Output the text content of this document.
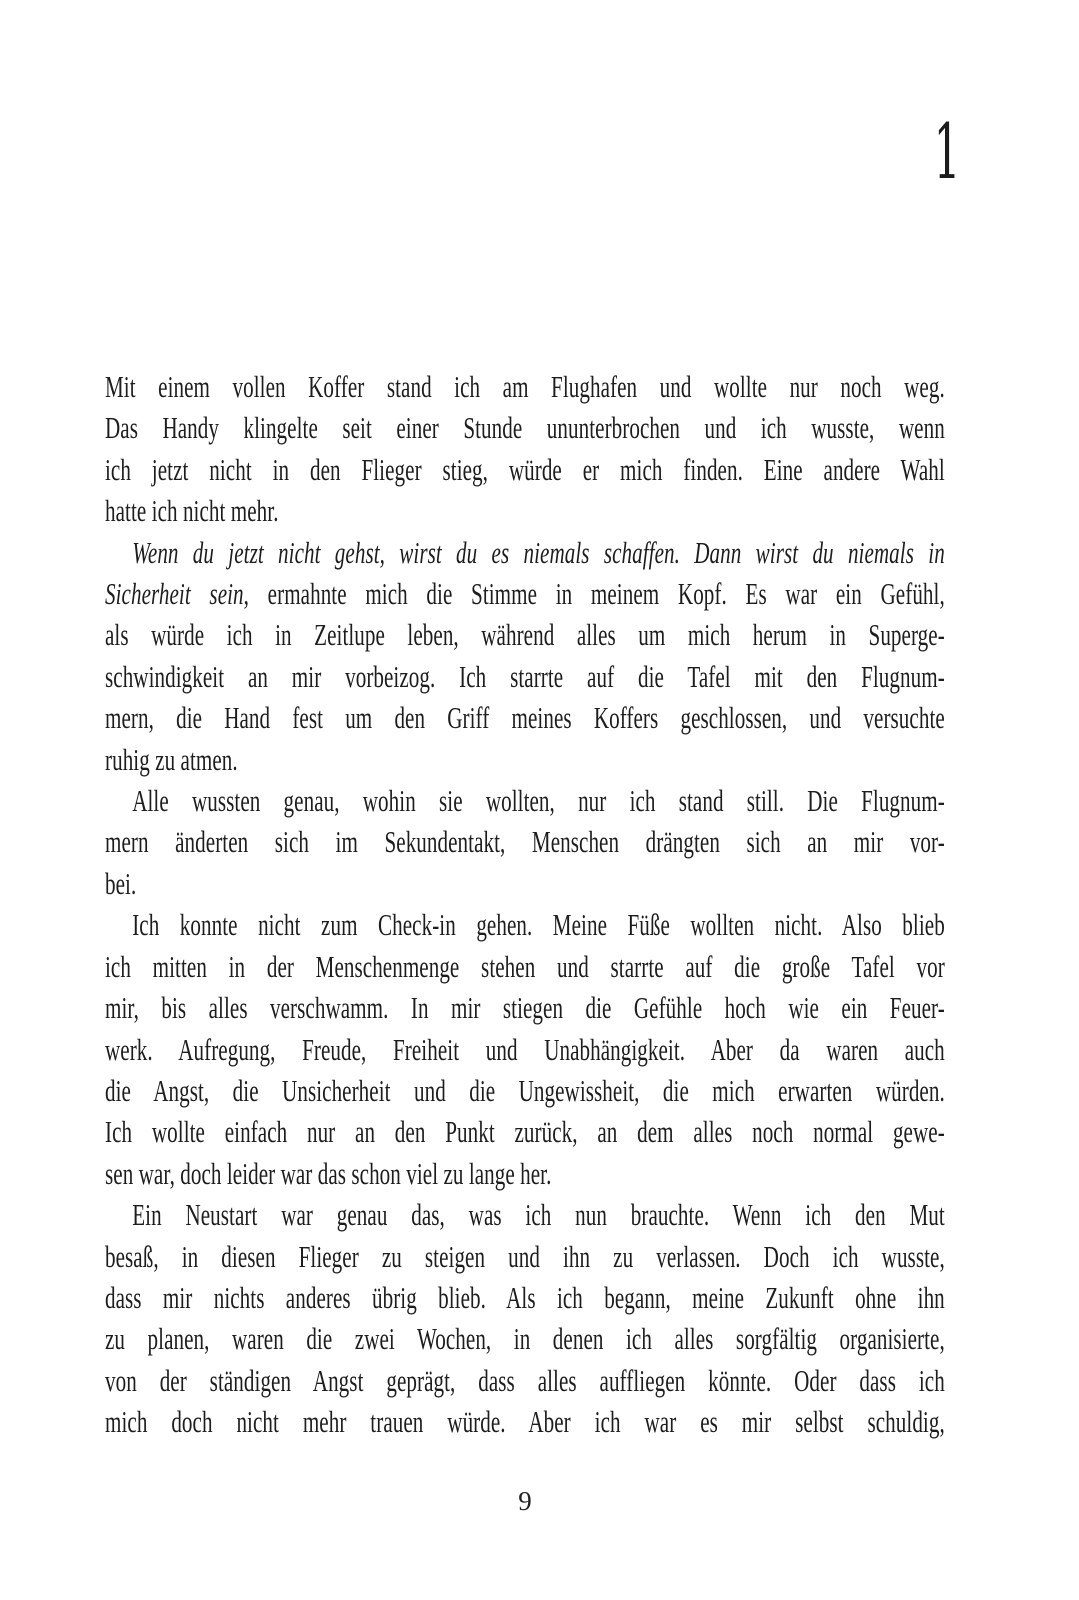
1
Mit einem vollen Koffer stand ich am Flughafen und wollte nur noch weg.
Das Handy klingelte seit einer Stunde ununterbrochen und ich wusste, wenn
ich jetzt nicht in den Flieger stieg, würde er mich finden. Eine andere Wahl
hatte ich nicht mehr.
Wenn du jetzt nicht gehst, wirst du es niemals schaffen. Dann wirst du niemals in
Sicherheit sein, ermahnte mich die Stimme in meinem Kopf. Es war ein Gefühl,
als würde ich in Zeitlupe leben, während alles um mich herum in Superge-
schwindigkeit an mir vorbeizog. Ich starrte auf die Tafel mit den Flugnum-
mern, die Hand fest um den Griff meines Koffers geschlossen, und versuchte
ruhig zu atmen.
Alle wussten genau, wohin sie wollten, nur ich stand still. Die Flugnum-
mern änderten sich im Sekundentakt, Menschen drängten sich an mir vor-
bei.
Ich konnte nicht zum Check-in gehen. Meine Füße wollten nicht. Also blieb
ich mitten in der Menschenmenge stehen und starrte auf die große Tafel vor
mir, bis alles verschwamm. In mir stiegen die Gefühle hoch wie ein Feuer-
werk. Aufregung, Freude, Freiheit und Unabhängigkeit. Aber da waren auch
die Angst, die Unsicherheit und die Ungewissheit, die mich erwarten würden.
Ich wollte einfach nur an den Punkt zurück, an dem alles noch normal gewe-
sen war, doch leider war das schon viel zu lange her.
Ein Neustart war genau das, was ich nun brauchte. Wenn ich den Mut
besaß, in diesen Flieger zu steigen und ihn zu verlassen. Doch ich wusste,
dass mir nichts anderes übrig blieb. Als ich begann, meine Zukunft ohne ihn
zu planen, waren die zwei Wochen, in denen ich alles sorgfältig organisierte,
von der ständigen Angst geprägt, dass alles auffliegen könnte. Oder dass ich
mich doch nicht mehr trauen würde. Aber ich war es mir selbst schuldig,
9
